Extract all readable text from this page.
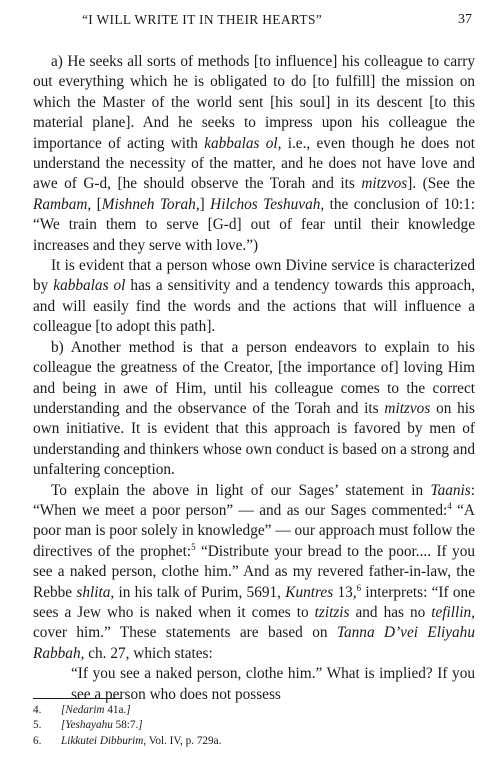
“I WILL WRITE IT IN THEIR HEARTS”	37

a) He seeks all sorts of methods [to influence] his colleague to carry out everything which he is obligated to do [to fulfill] the mission on which the Master of the world sent [his soul] in its descent [to this material plane]. And he seeks to impress upon his colleague the importance of acting with kabbalas ol, i.e., even though he does not understand the necessity of the matter, and he does not have love and awe of G-d, [he should observe the Torah and its mitzvos]. (See the Rambam, [Mishneh Torah,] Hilchos Teshuvah, the conclusion of 10:1: “We train them to serve [G-d] out of fear until their knowledge increases and they serve with love.”)

It is evident that a person whose own Divine service is characterized by kabbalas ol has a sensitivity and a tendency towards this approach, and will easily find the words and the actions that will influence a colleague [to adopt this path].

b) Another method is that a person endeavors to explain to his colleague the greatness of the Creator, [the importance of] loving Him and being in awe of Him, until his colleague comes to the correct understanding and the observance of the Torah and its mitzvos on his own initiative. It is evident that this approach is favored by men of understanding and thinkers whose own conduct is based on a strong and unfaltering conception.

To explain the above in light of our Sages’ statement in Taanis: “When we meet a poor person” — and as our Sages commented:$^4$ “A poor man is poor solely in knowledge” — our approach must follow the directives of the prophet:$^5$ “Distribute your bread to the poor.... If you see a naked person, clothe him.” And as my revered father-in-law, the Rebbe shlita, in his talk of Purim, 5691, Kuntres 13,$^6$ interprets: “If one sees a Jew who is naked when it comes to tzitzis and has no tefillin, cover him.” These statements are based on Tanna D’vei Eliyahu Rabbah, ch. 27, which states:

“If you see a naked person, clothe him.” What is implied? If you see a person who does not possess

4.	[Nedarim 41a.]
5.	[Yeshayahu 58:7.]
6.	Likkutei Dibburim, Vol. IV, p. 729a.
